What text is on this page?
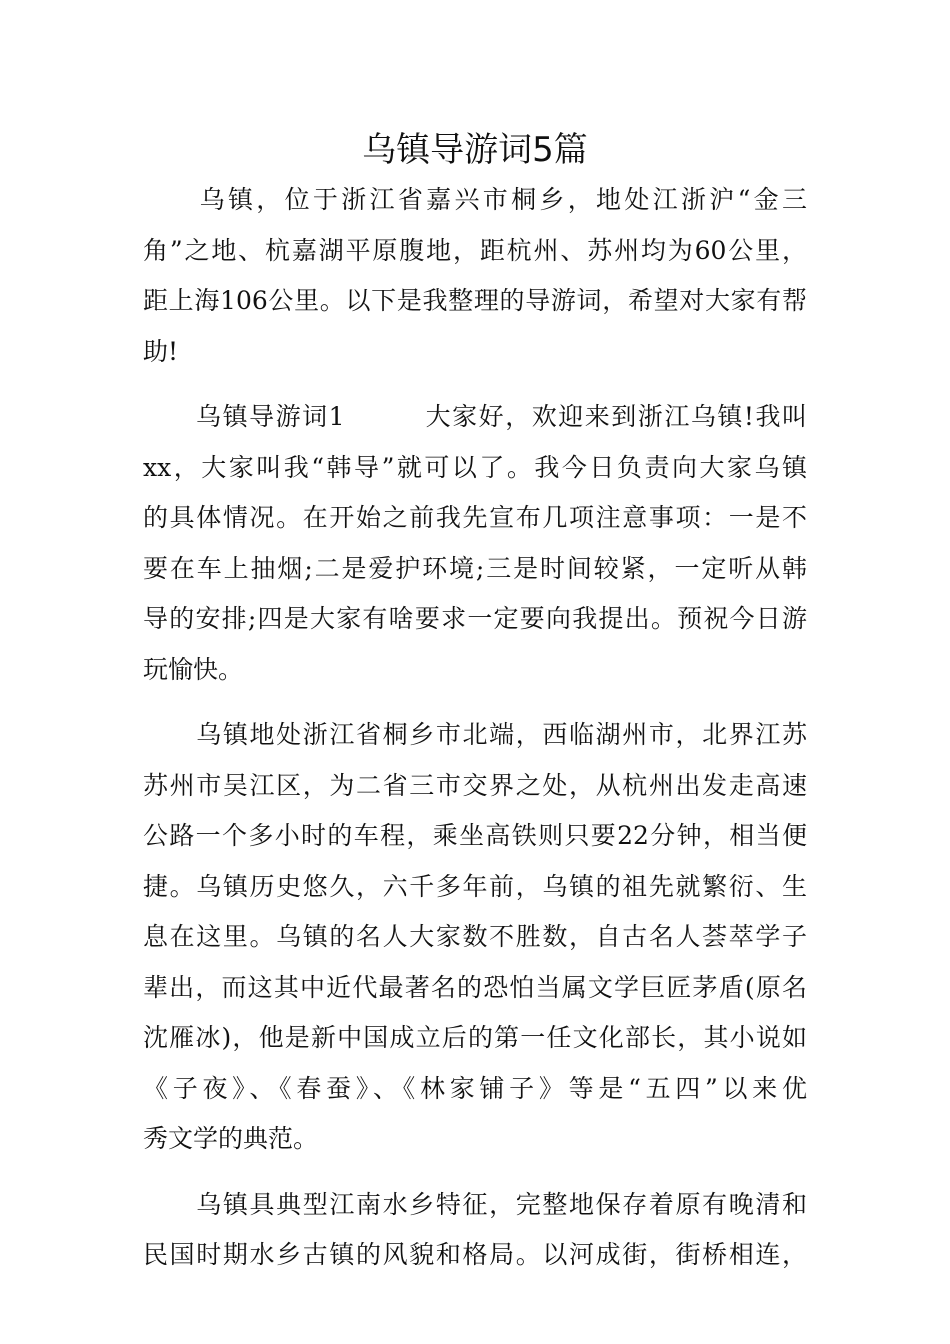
乌镇导游词5篇
　　乌镇，位于浙江省嘉兴市桐乡，地处江浙沪“金三
角”之地、杭嘉湖平原腹地，距杭州、苏州均为60公里，
距上海106公里。以下是我整理的导游词，希望对大家有帮
助!
　　乌镇导游词1　　　大家好，欢迎来到浙江乌镇!我叫
xx，大家叫我“韩导”就可以了。我今日负责向大家乌镇
的具体情况。在开始之前我先宣布几项注意事项：一是不
要在车上抽烟;二是爱护环境;三是时间较紧，一定听从韩
导的安排;四是大家有啥要求一定要向我提出。预祝今日游
玩愉快。
　　乌镇地处浙江省桐乡市北端，西临湖州市，北界江苏
苏州市吴江区，为二省三市交界之处，从杭州出发走高速
公路一个多小时的车程，乘坐高铁则只要22分钟，相当便
捷。乌镇历史悠久，六千多年前，乌镇的祖先就繁衍、生
息在这里。乌镇的名人大家数不胜数，自古名人荟萃学子
辈出，而这其中近代最著名的恐怕当属文学巨匠茅盾(原名
沈雁冰)，他是新中国成立后的第一任文化部长，其小说如
《子夜》、《春蚕》、《林家铺子》等是“五四”以来优
秀文学的典范。
　　乌镇具典型江南水乡特征，完整地保存着原有晚清和
民国时期水乡古镇的风貌和格局。以河成街，街桥相连，
